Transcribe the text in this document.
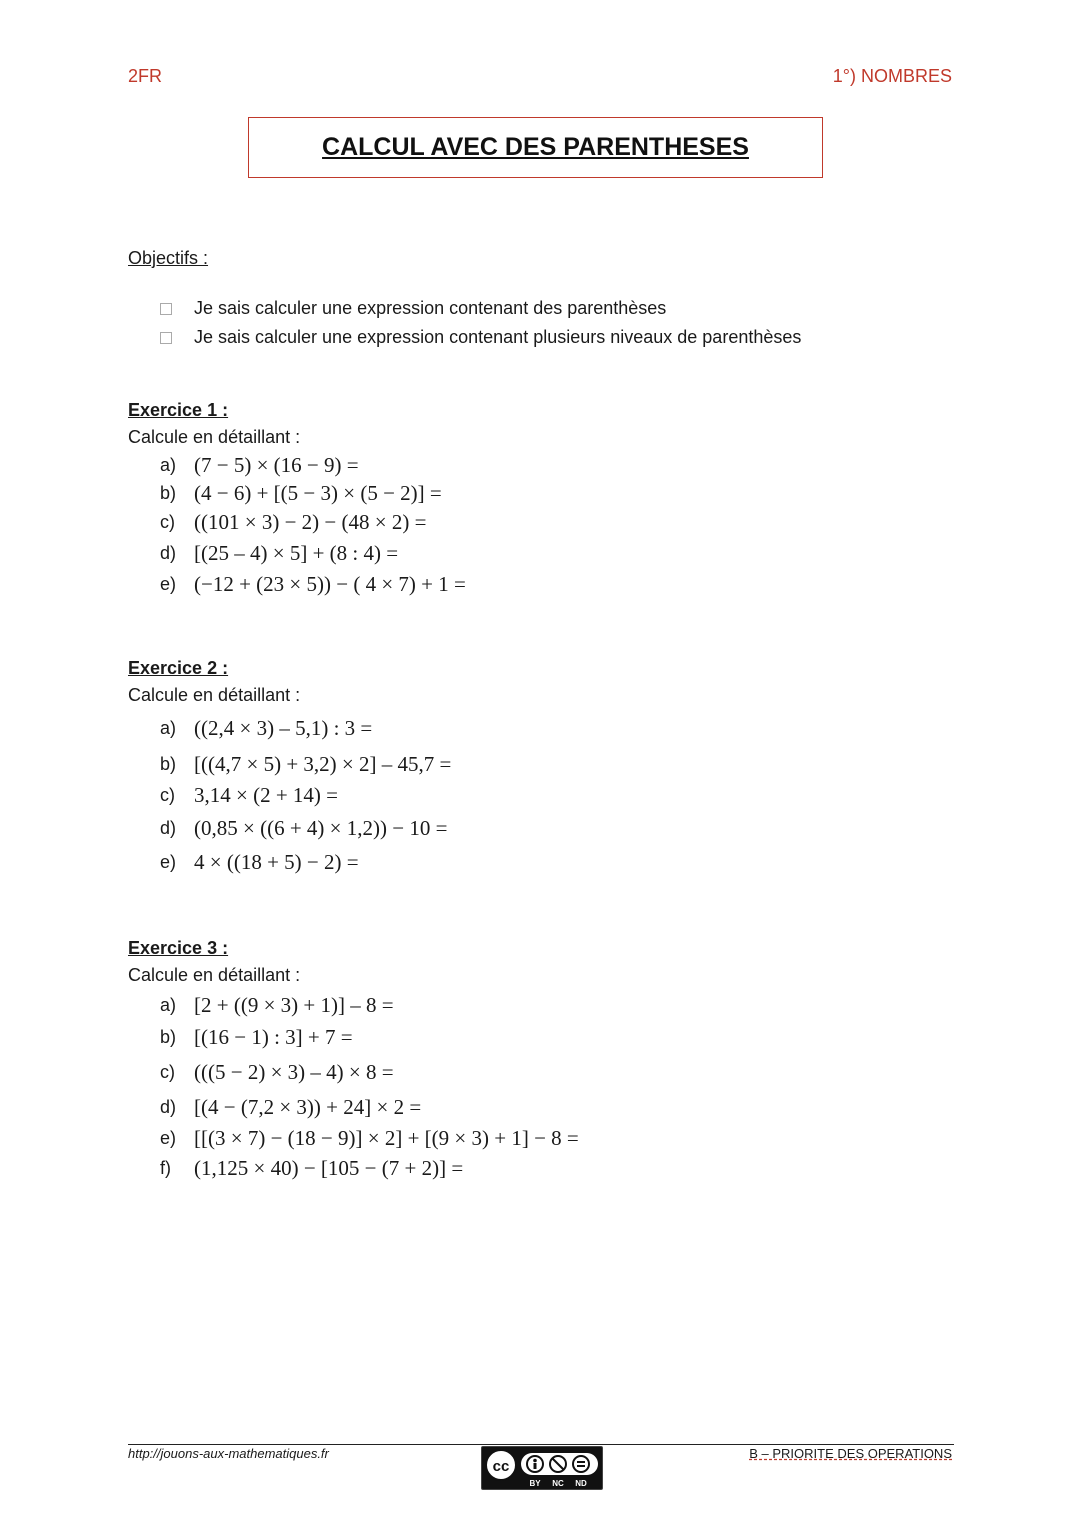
2FR	1°) NOMBRES
CALCUL AVEC DES PARENTHESES
Objectifs :
Je sais calculer une expression contenant des parenthèses
Je sais calculer une expression contenant plusieurs niveaux de parenthèses
Exercice 1 :
Calcule en détaillant :
a) (7 − 5) × (16 − 9) =
b) (4 − 6) + [(5 − 3) × (5 − 2)] =
c) ((101 × 3) − 2) − (48 × 2) =
d) [(25 – 4) × 5] + (8 : 4) =
e) (−12 + (23 × 5)) − ( 4 × 7) + 1 =
Exercice 2 :
Calcule en détaillant :
a) ((2,4 × 3) – 5,1) : 3 =
b) [((4,7 × 5) + 3,2) × 2] – 45,7 =
c) 3,14 × (2 + 14) =
d) (0,85 × ((6 + 4) × 1,2)) − 10 =
e) 4 × ((18 + 5) − 2) =
Exercice 3 :
Calcule en détaillant :
a) [2 + ((9 × 3) + 1)] – 8 =
b) [(16 − 1) : 3] + 7 =
c) (((5 − 2) × 3) – 4) × 8 =
d) [(4 − (7,2 × 3)) + 24] × 2 =
e) [[(3 × 7) − (18 − 9)] × 2] + [(9 × 3) + 1] − 8 =
f)	(1,125 × 40) − [105 − (7 + 2)] =
http://jouons-aux-mathematiques.fr	B – PRIORITE DES OPERATIONS
cc
BY NC ND
